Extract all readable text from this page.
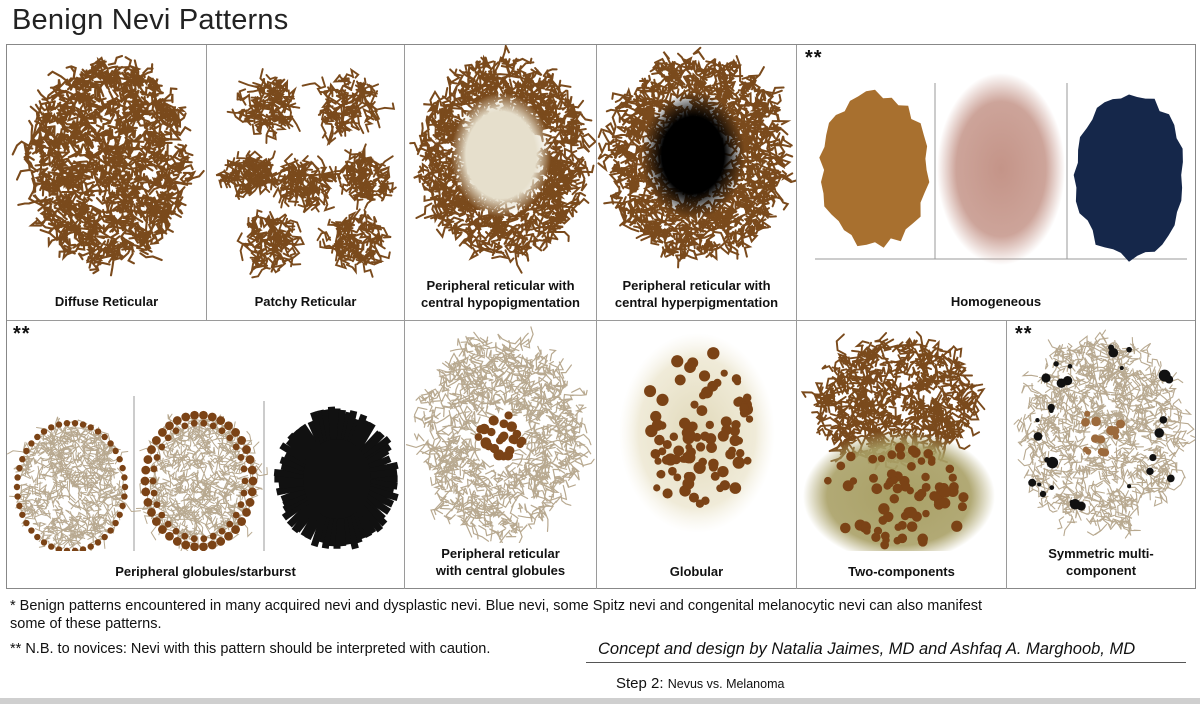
Benign Nevi Patterns
Diffuse Reticular	Patchy Reticular
Peripheral reticular with
central hypopigmentation
Peripheral reticular with
central hyperpigmentation
**
Homogeneous
**
Peripheral globules/starburst
Peripheral reticular
with central globules	Globular	Two-components
**
Symmetric multi-
component
* Benign patterns encountered in many acquired nevi and dysplastic nevi. Blue nevi, some Spitz nevi and congenital melanocytic nevi can also manifest
some of these patterns.
** N.B. to novices: Nevi with this pattern should be interpreted with caution.	Concept and design by Natalia Jaimes, MD and Ashfaq A. Marghoob, MD
Step 2: Nevus vs. Melanoma
